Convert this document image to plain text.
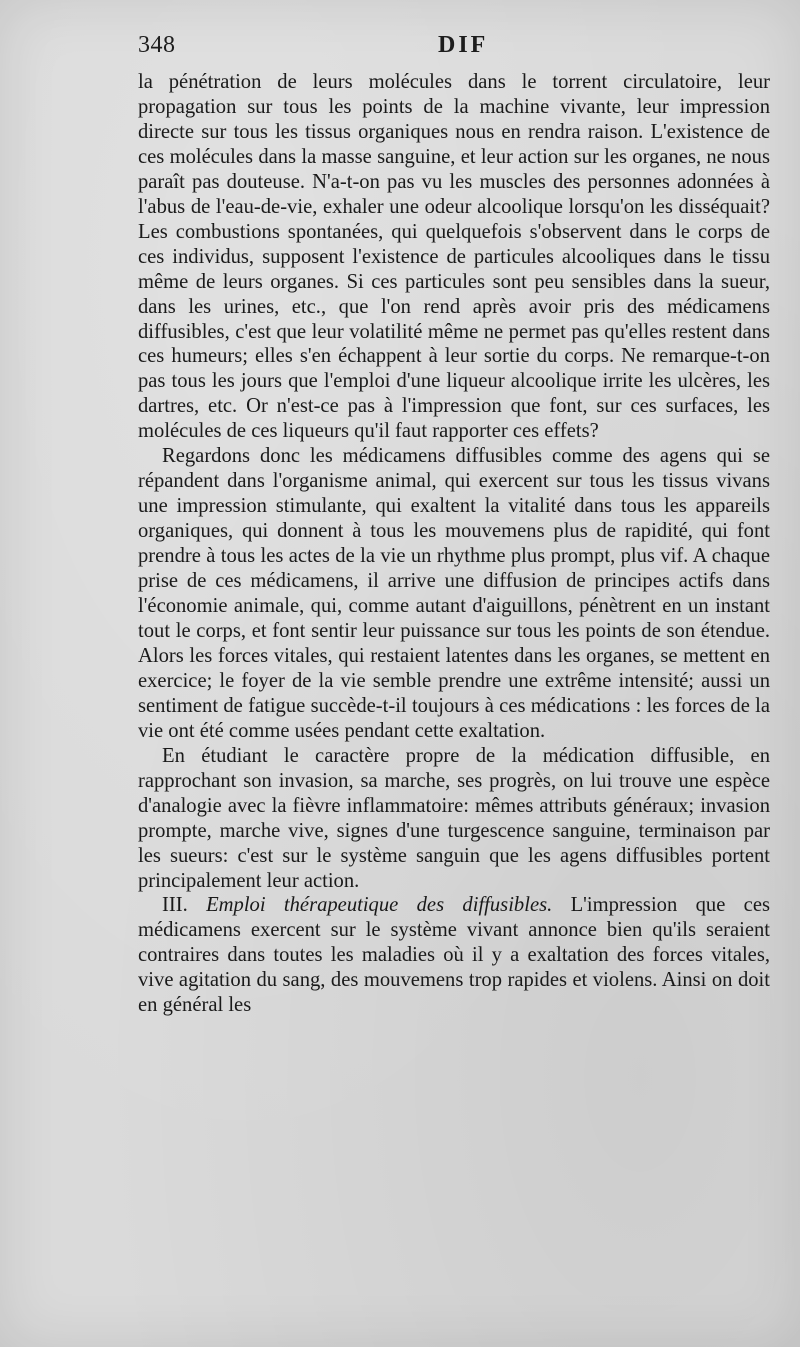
348	DIF

la pénétration de leurs molécules dans le torrent circulatoire, leur propagation sur tous les points de la machine vivante, leur impression directe sur tous les tissus organiques nous en rendra raison. L'existence de ces molécules dans la masse sanguine, et leur action sur les organes, ne nous paraît pas douteuse. N'a-t-on pas vu les muscles des personnes adonnées à l'abus de l'eau-de-vie, exhaler une odeur alcoolique lorsqu'on les disséquait? Les combustions spontanées, qui quelquefois s'observent dans le corps de ces individus, supposent l'existence de particules alcooliques dans le tissu même de leurs organes. Si ces particules sont peu sensibles dans la sueur, dans les urines, etc., que l'on rend après avoir pris des médicamens diffusibles, c'est que leur volatilité même ne permet pas qu'elles restent dans ces humeurs; elles s'en échappent à leur sortie du corps. Ne remarque-t-on pas tous les jours que l'emploi d'une liqueur alcoolique irrite les ulcères, les dartres, etc. Or n'est-ce pas à l'impression que font, sur ces surfaces, les molécules de ces liqueurs qu'il faut rapporter ces effets?

Regardons donc les médicamens diffusibles comme des agens qui se répandent dans l'organisme animal, qui exercent sur tous les tissus vivans une impression stimulante, qui exaltent la vitalité dans tous les appareils organiques, qui donnent à tous les mouvemens plus de rapidité, qui font prendre à tous les actes de la vie un rhythme plus prompt, plus vif. A chaque prise de ces médicamens, il arrive une diffusion de principes actifs dans l'économie animale, qui, comme autant d'aiguillons, pénètrent en un instant tout le corps, et font sentir leur puissance sur tous les points de son étendue. Alors les forces vitales, qui restaient latentes dans les organes, se mettent en exercice; le foyer de la vie semble prendre une extrême intensité; aussi un sentiment de fatigue succède-t-il toujours à ces médications : les forces de la vie ont été comme usées pendant cette exaltation.

En étudiant le caractère propre de la médication diffusible, en rapprochant son invasion, sa marche, ses progrès, on lui trouve une espèce d'analogie avec la fièvre inflammatoire: mêmes attributs généraux; invasion prompte, marche vive, signes d'une turgescence sanguine, terminaison par les sueurs: c'est sur le système sanguin que les agens diffusibles portent principalement leur action.

III. Emploi thérapeutique des diffusibles. L'impression que ces médicamens exercent sur le système vivant annonce bien qu'ils seraient contraires dans toutes les maladies où il y a exaltation des forces vitales, vive agitation du sang, des mouvemens trop rapides et violens. Ainsi on doit en général les
